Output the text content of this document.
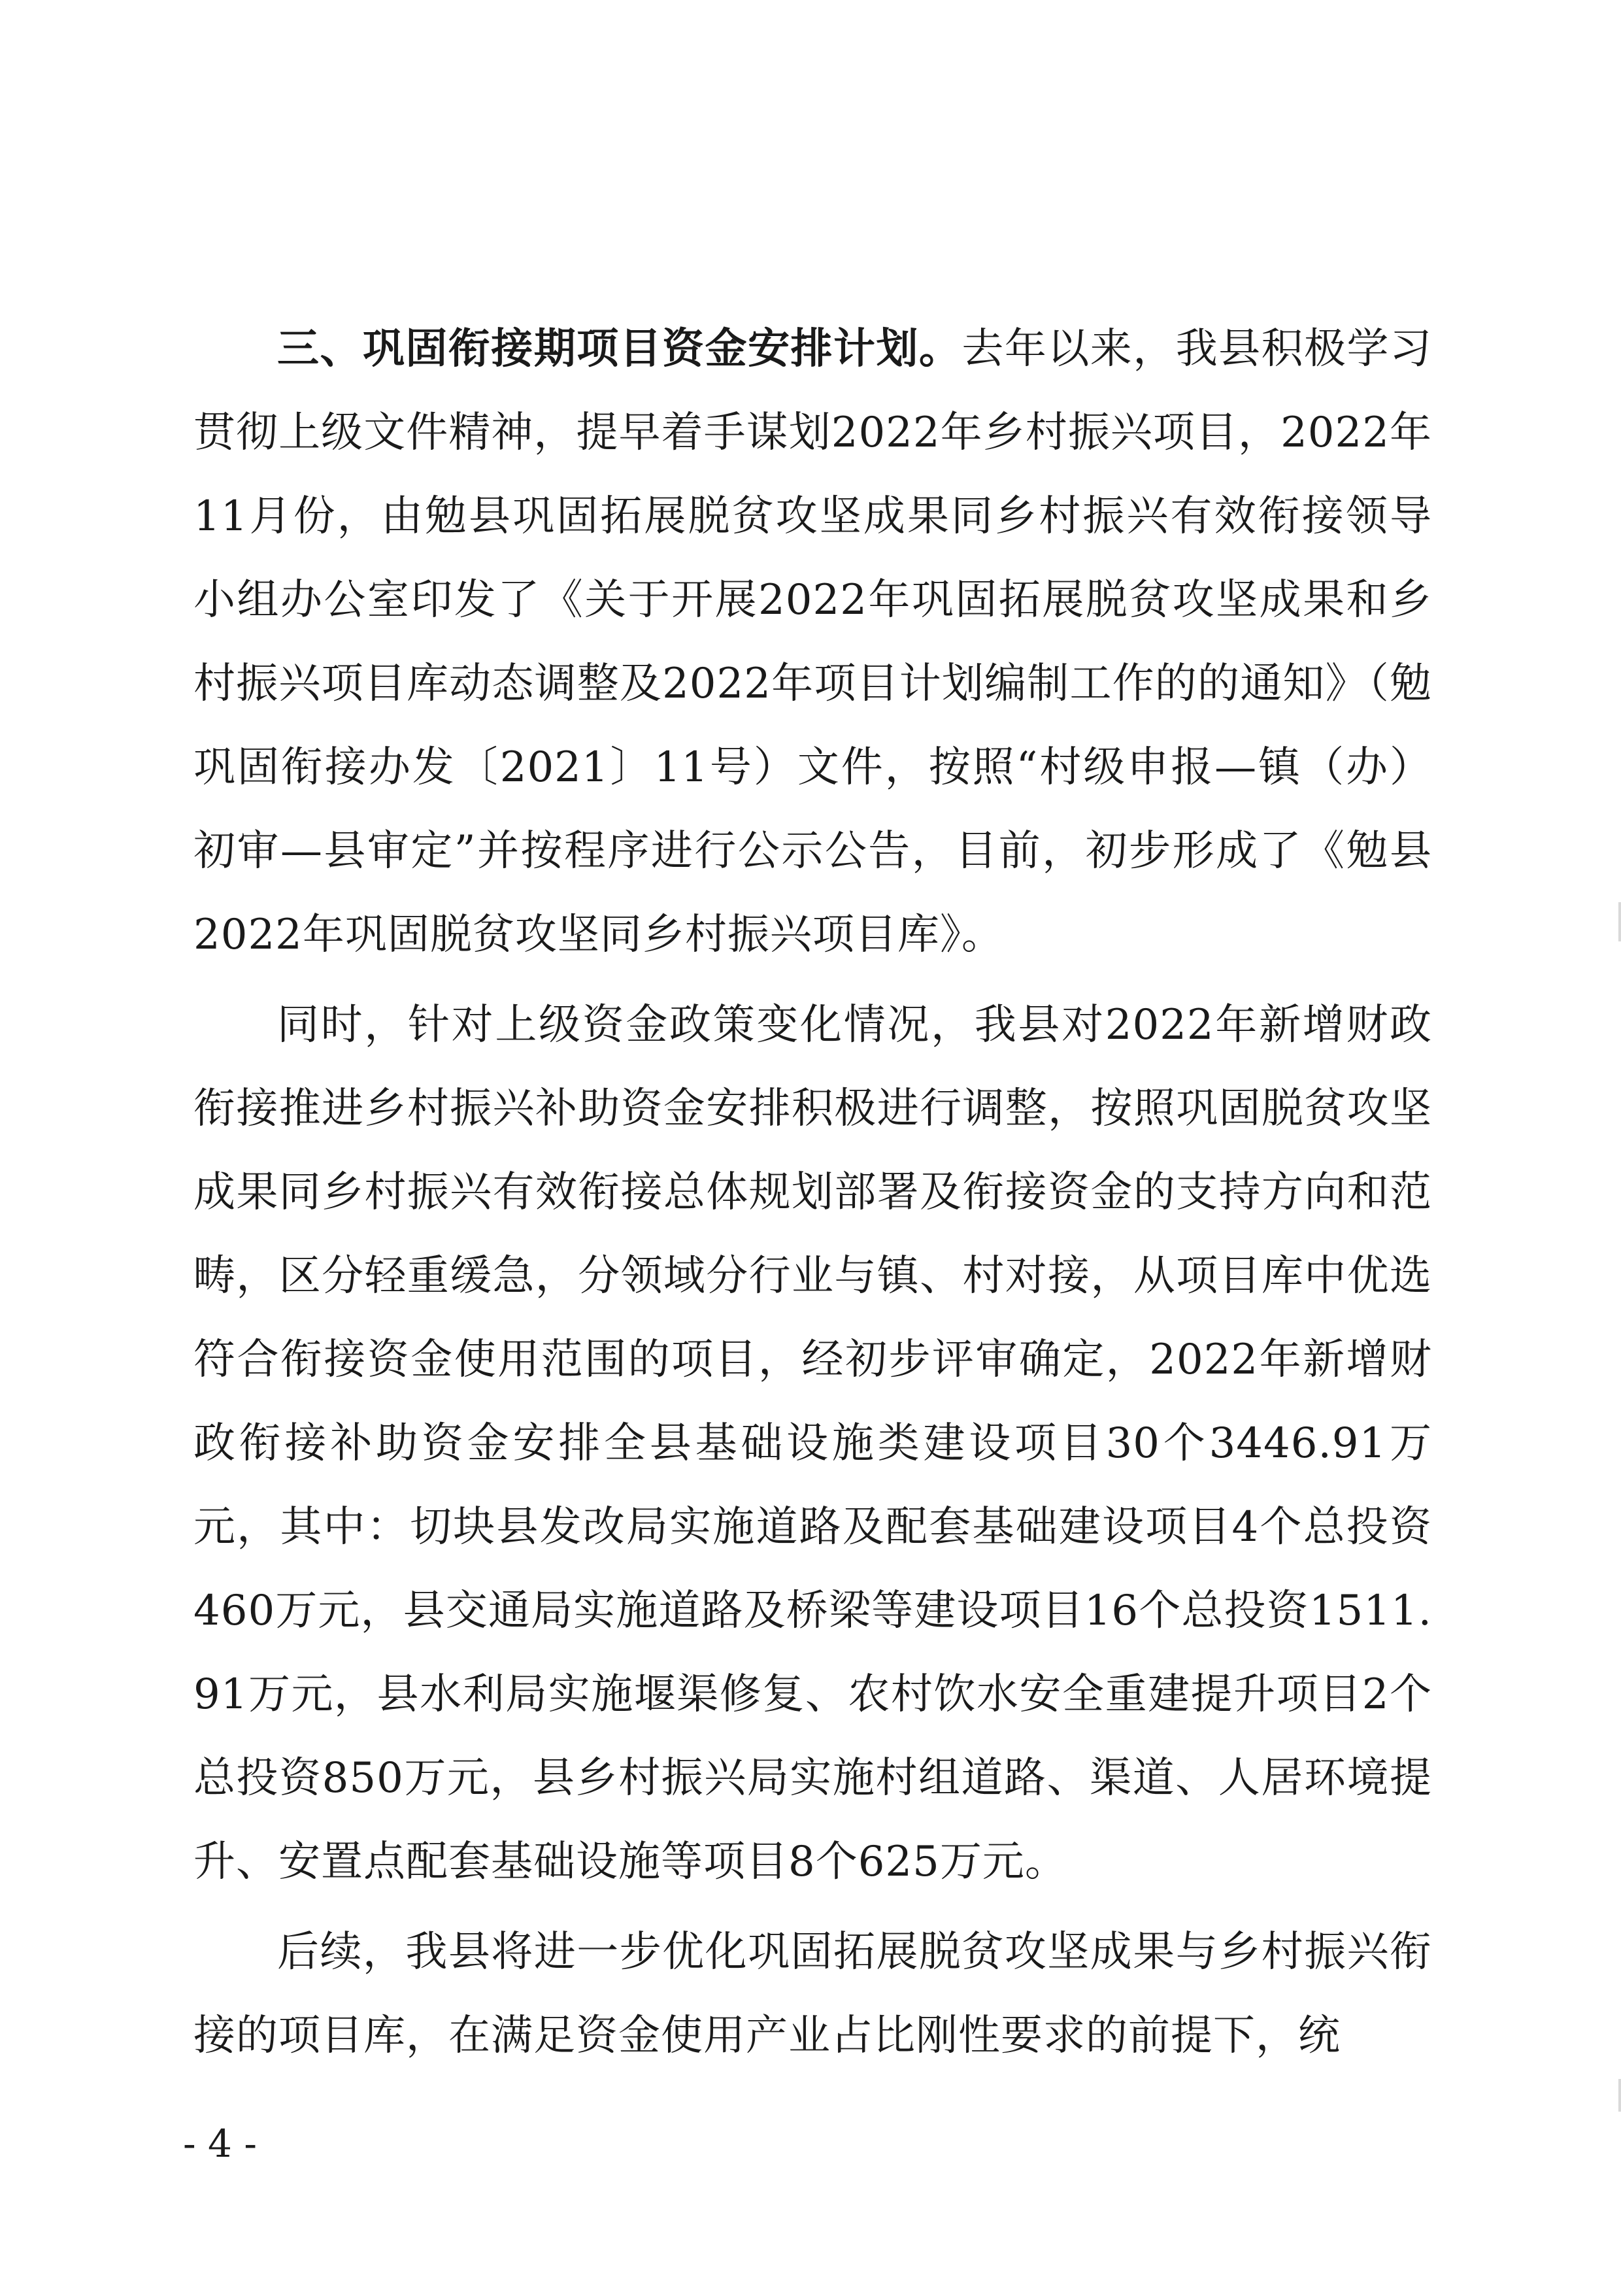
三、巩固衔接期项目资金安排计划。去年以来，我县积极学习贯彻上级文件精神，提早着手谋划2022年乡村振兴项目，2022年11月份，由勉县巩固拓展脱贫攻坚成果同乡村振兴有效衔接领导小组办公室印发了《关于开展2022年巩固拓展脱贫攻坚成果和乡村振兴项目库动态调整及2022年项目计划编制工作的的通知》（勉巩固衔接办发〔2021〕11号）文件，按照“村级申报—镇（办）初审—县审定”并按程序进行公示公告，目前，初步形成了《勉县2022年巩固脱贫攻坚同乡村振兴项目库》。

同时，针对上级资金政策变化情况，我县对2022年新增财政衔接推进乡村振兴补助资金安排积极进行调整，按照巩固脱贫攻坚成果同乡村振兴有效衔接总体规划部署及衔接资金的支持方向和范畴，区分轻重缓急，分领域分行业与镇、村对接，从项目库中优选符合衔接资金使用范围的项目，经初步评审确定，2022年新增财政衔接补助资金安排全县基础设施类建设项目30个3446.91万元，其中：切块县发改局实施道路及配套基础建设项目4个总投资460万元，县交通局实施道路及桥梁等建设项目16个总投资1511.91万元，县水利局实施堰渠修复、农村饮水安全重建提升项目2个总投资850万元，县乡村振兴局实施村组道路、渠道、人居环境提升、安置点配套基础设施等项目8个625万元。

后续，我县将进一步优化巩固拓展脱贫攻坚成果与乡村振兴衔接的项目库，在满足资金使用产业占比刚性要求的前提下，统

- 4 -
